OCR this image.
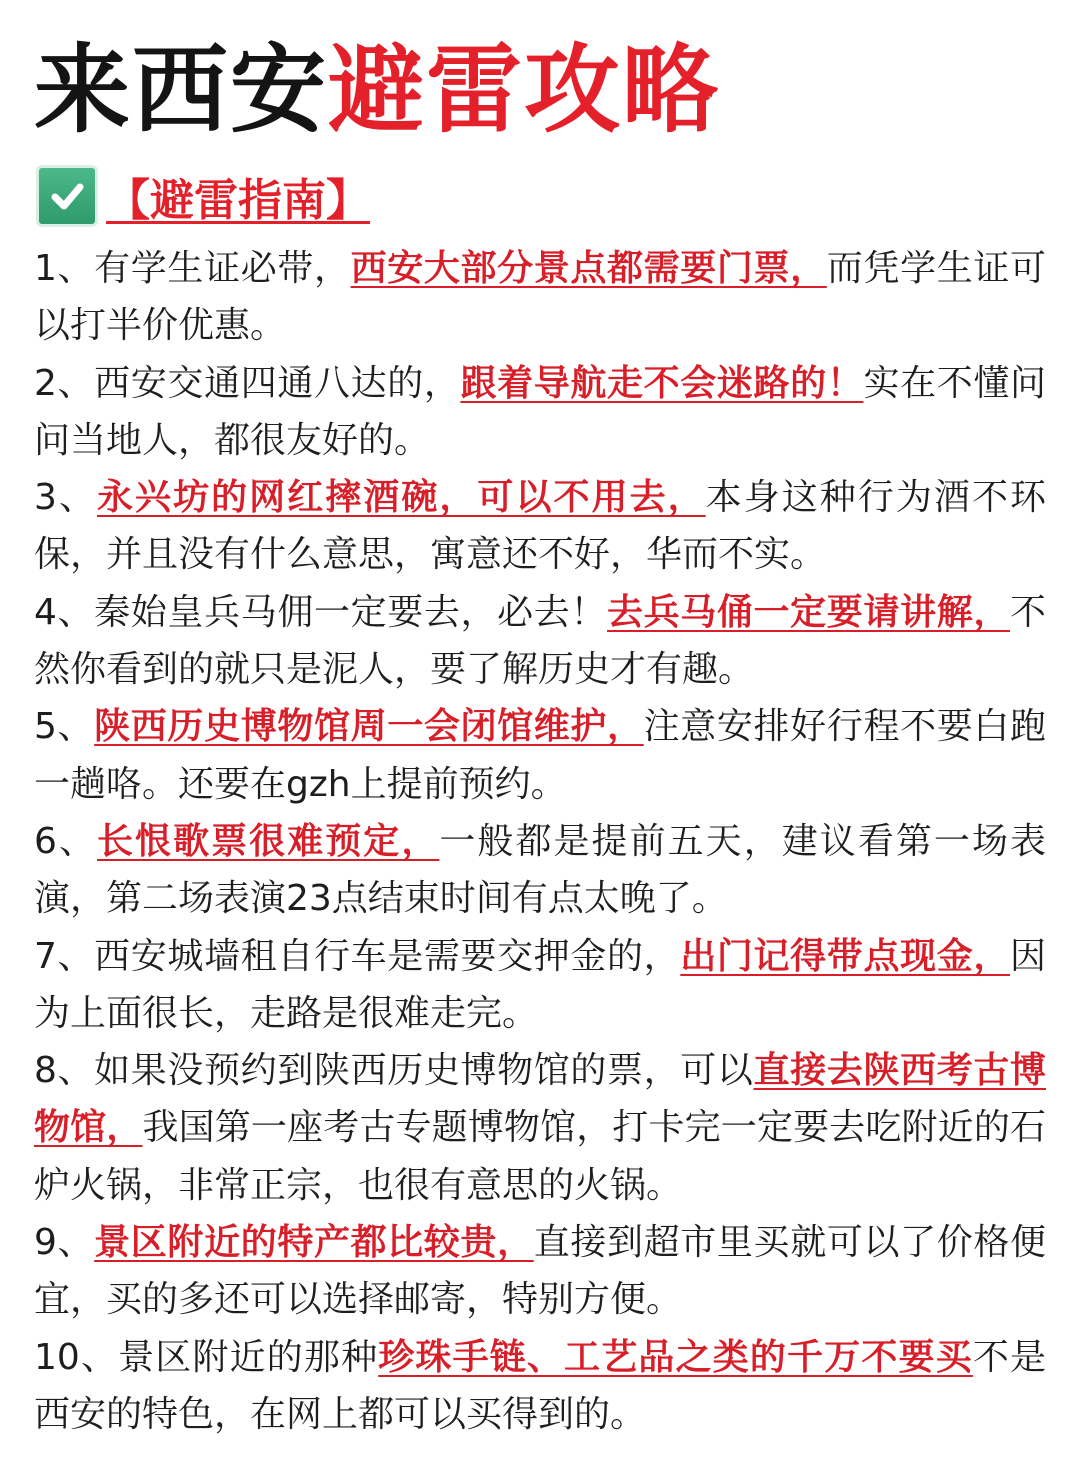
来西安避雷攻略
【避雷指南】

1、有学生证必带，西安大部分景点都需要门票，而凭学生证可以打半价优惠。

2、西安交通四通八达的，跟着导航走不会迷路的！实在不懂问问当地人，都很友好的。

3、永兴坊的网红摔酒碗，可以不用去，本身这种行为酒不环保，并且没有什么意思，寓意还不好，华而不实。

4、秦始皇兵马佣一定要去，必去！去兵马俑一定要请讲解，不然你看到的就只是泥人，要了解历史才有趣。

5、陕西历史博物馆周一会闭馆维护，注意安排好行程不要白跑一趟咯。还要在gzh上提前预约。

6、长恨歌票很难预定，一般都是提前五天，建议看第一场表演，第二场表演23点结束时间有点太晚了。

7、西安城墙租自行车是需要交押金的，出门记得带点现金，因为上面很长，走路是很难走完。

8、如果没预约到陕西历史博物馆的票，可以直接去陕西考古博物馆，我国第一座考古专题博物馆，打卡完一定要去吃附近的石炉火锅，非常正宗，也很有意思的火锅。

9、景区附近的特产都比较贵，直接到超市里买就可以了价格便宜，买的多还可以选择邮寄，特别方便。

10、景区附近的那种珍珠手链、工艺品之类的千万不要买不是西安的特色，在网上都可以买得到的。
